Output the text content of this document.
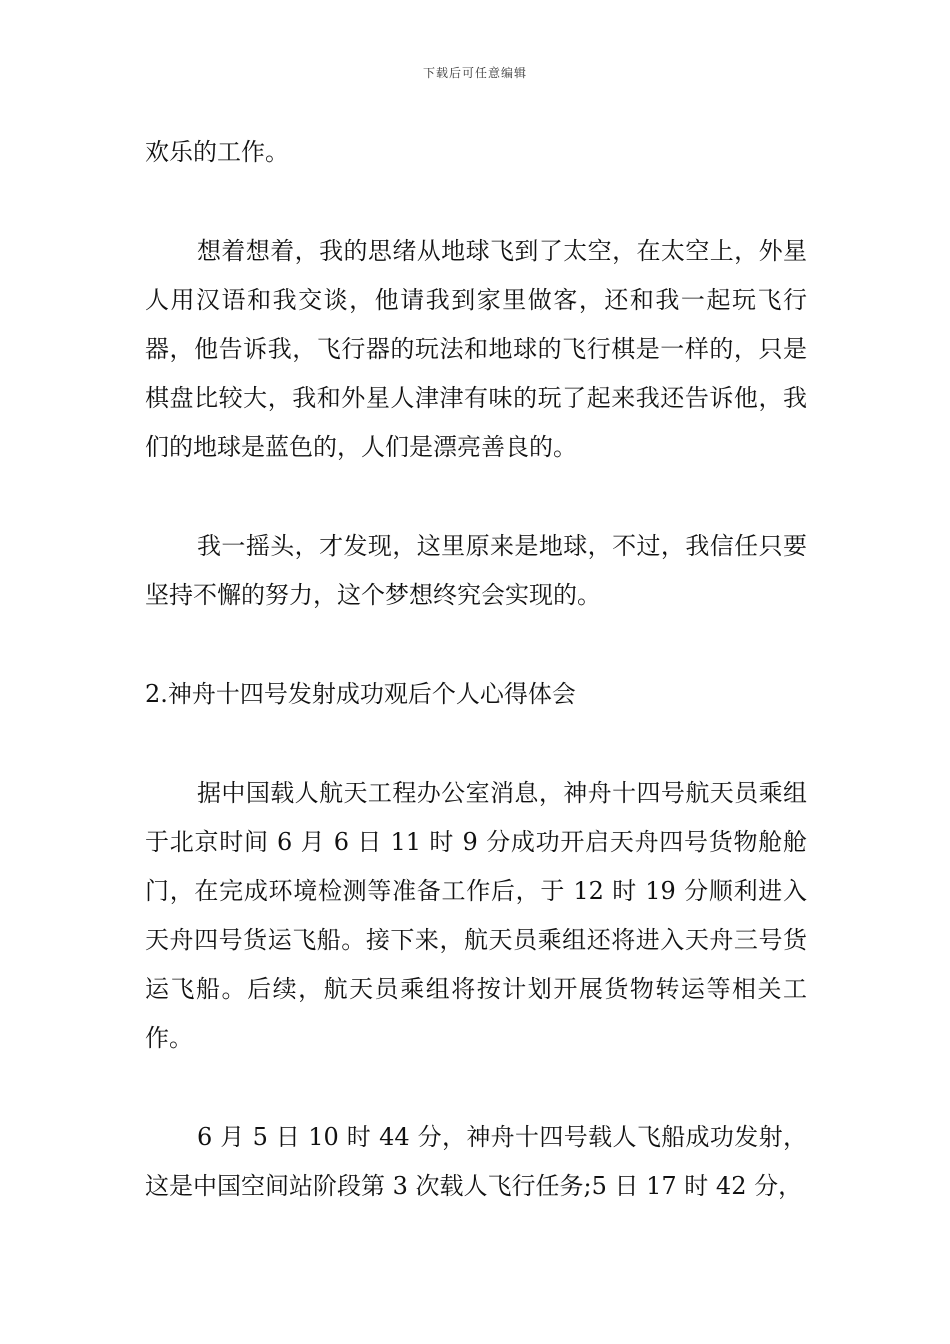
下载后可任意编辑

欢乐的工作。

想着想着，我的思绪从地球飞到了太空，在太空上，外星人用汉语和我交谈，他请我到家里做客，还和我一起玩飞行器，他告诉我，飞行器的玩法和地球的飞行棋是一样的，只是棋盘比较大，我和外星人津津有味的玩了起来我还告诉他，我们的地球是蓝色的，人们是漂亮善良的。

我一摇头，才发现，这里原来是地球，不过，我信任只要坚持不懈的努力，这个梦想终究会实现的。

2.神舟十四号发射成功观后个人心得体会

据中国载人航天工程办公室消息，神舟十四号航天员乘组于北京时间 6 月 6 日 11 时 9 分成功开启天舟四号货物舱舱门，在完成环境检测等准备工作后，于 12 时 19 分顺利进入天舟四号货运飞船。接下来，航天员乘组还将进入天舟三号货运飞船。后续，航天员乘组将按计划开展货物转运等相关工作。

6 月 5 日 10 时 44 分，神舟十四号载人飞船成功发射，这是中国空间站阶段第 3 次载人飞行任务;5 日 17 时 42 分，
